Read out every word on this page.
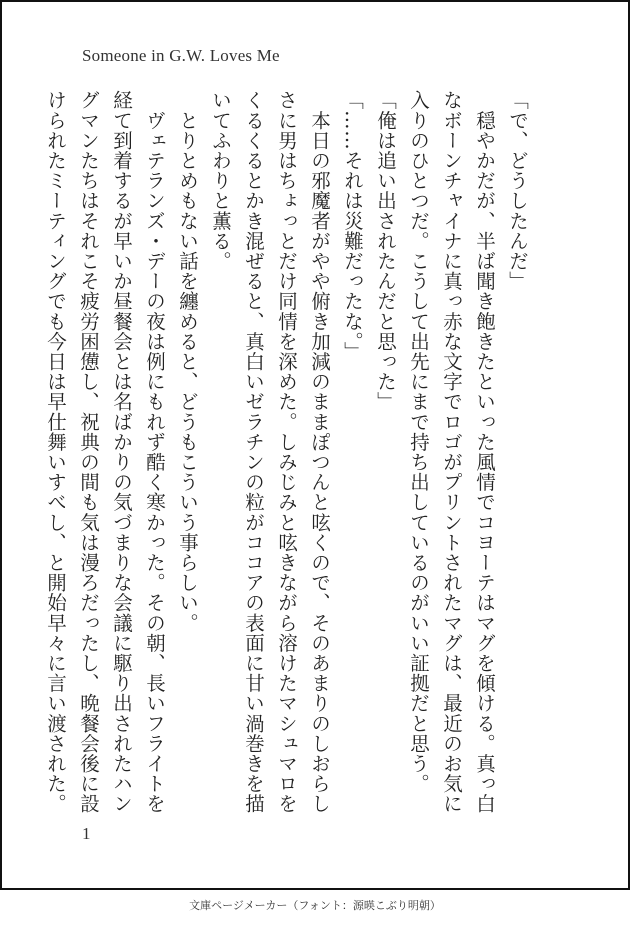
Someone in G.W. Loves Me

「で、どうしたんだ」

　穏やかだが、半ば聞き飽きたといった風情でコヨーテはマグを傾ける。真っ白

なボーンチャイナに真っ赤な文字でロゴがプリントされたマグは、最近のお気に

入りのひとつだ。こうして出先にまで持ち出しているのがいい証拠だと思う。

「俺は追い出されたんだと思った」

「……それは災難だったな。」

　本日の邪魔者がやや俯き加減のままぽつんと呟くので、そのあまりのしおらし

さに男はちょっとだけ同情を深めた。しみじみと呟きながら溶けたマシュマロを

くるくるとかき混ぜると、真白いゼラチンの粒がココアの表面に甘い渦巻きを描

いてふわりと薫る。

　とりとめもない話を纏めると、どうもこういう事らしい。

　ヴェテランズ・デーの夜は例にもれず酷く寒かった。その朝、長いフライトを

経て到着するが早いか昼餐会とは名ばかりの気づまりな会議に駆り出されたハン

グマンたちはそれこそ疲労困憊し、祝典の間も気は漫ろだったし、晩餐会後に設

けられたミーティングでも今日は早仕舞いすべし、と開始早々に言い渡された。

1
文庫ページメーカー（フォント：源暎こぶり明朝）
